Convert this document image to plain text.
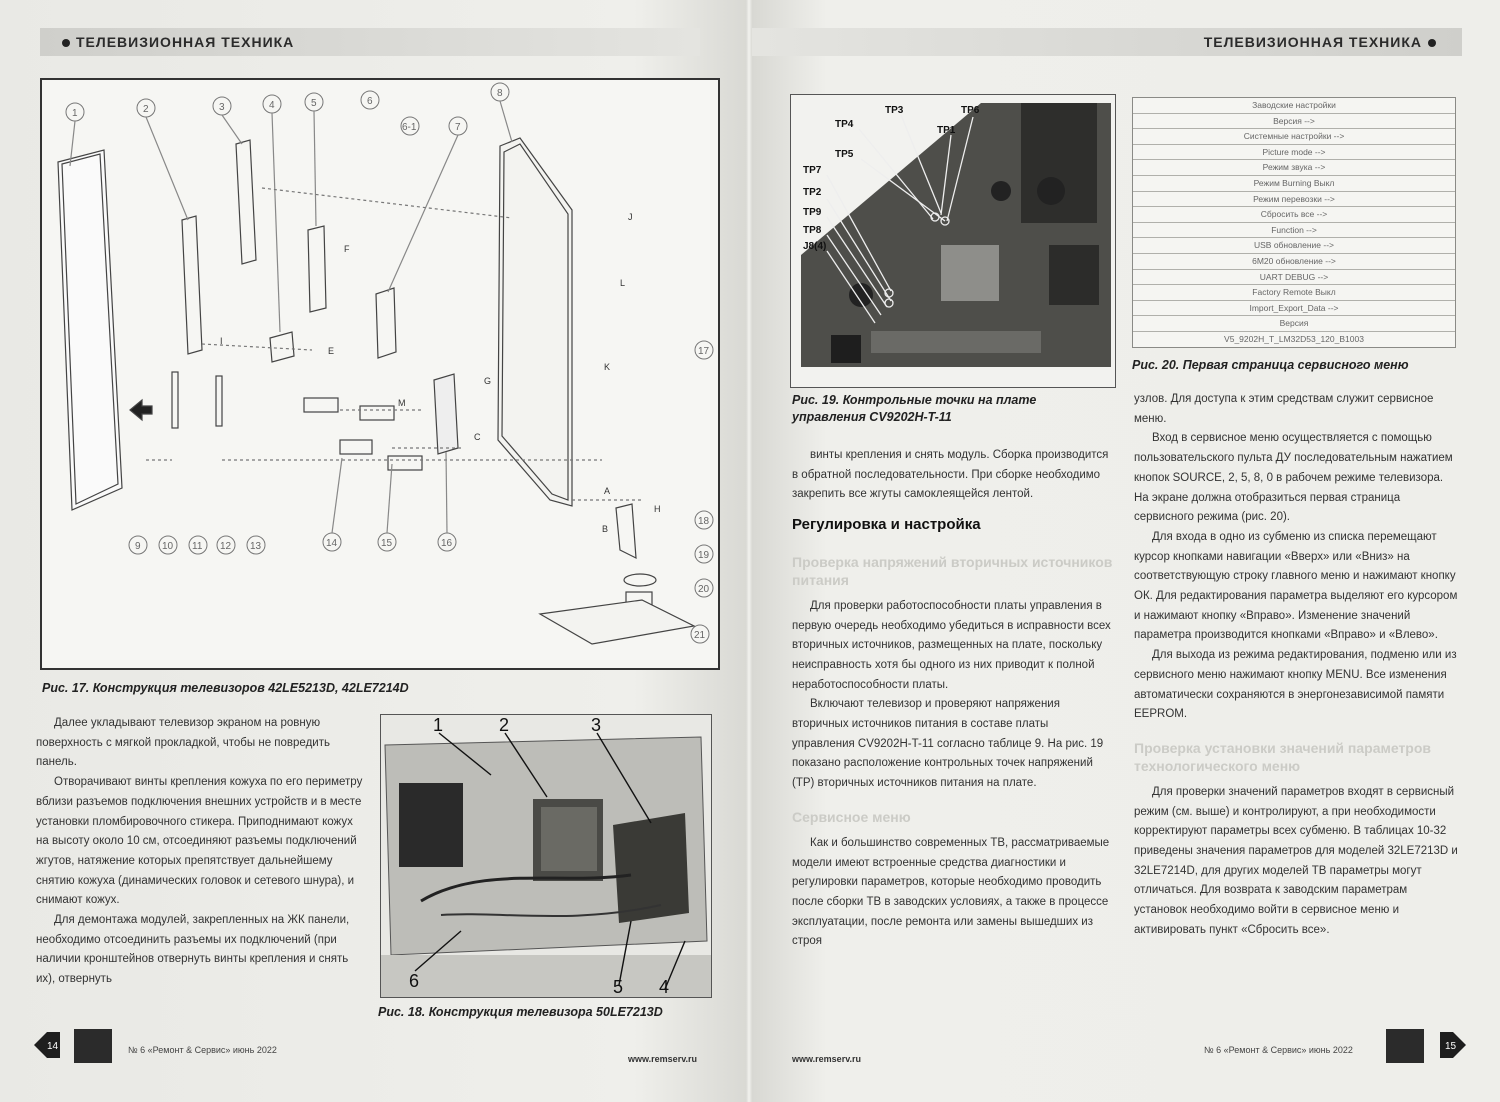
ТЕЛЕВИЗИОННАЯ ТЕХНИКА
1	2	3	4	5	6
6-1	7
8
9 10 11 12 13	14	15	16
17
18
19
20
21
J
L
K
F
E
G
M
H
A
B
C
I
Рис. 17. Конструкция телевизоров 42LE5213D, 42LE7214D

Далее укладывают телевизор экраном на ровную поверхность с мягкой прокладкой, чтобы не повредить панель.

Отворачивают винты крепления кожуха по его периметру вблизи разъемов подключения внешних устройств и в месте установки пломбировочного стикера. Приподнимают кожух на высоту около 10 см, отсоединяют разъемы подключений жгутов, натяжение которых препятствует дальнейшему снятию кожуха (динамических головок и сетевого шнура), и снимают кожух.

Для демонтажа модулей, закрепленных на ЖК панели, необходимо отсоединить разъемы их подключений (при наличии кронштейнов отвернуть винты крепления и снять их), отвернуть

1	2	3
4
5
6
Рис. 18. Конструкция телевизора 50LE7213D
14	№ 6 «Ремонт & Сервис» июнь 2022
www.remserv.ru
ТЕЛЕВИЗИОННАЯ ТЕХНИКА
TP3	TP6
TP4
TP1
TP5
TP7
TP2
TP9
TP8
J8(4)
Рис. 19. Контрольные точки на плате управления CV9202H-T-11
Заводские настройки
Версия -->
Системные настройки -->
Picture mode -->
Режим звука -->
Режим Burning Выкл
Режим перевозки -->
Сбросить все -->
Function -->
USB обновление -->
6M20 обновление -->
UART DEBUG -->
Factory Remote Выкл
Import_Export_Data -->
Версия
V5_9202H_T_LM32D53_120_B1003
Рис. 20. Первая страница сервисного меню

винты крепления и снять модуль. Сборка производится в обратной последовательности. При сборке необходимо закрепить все жгуты самоклеящейся лентой.

Регулировка и настройка
Проверка напряжений вторичных источников питания

Для проверки работоспособности платы управления в первую очередь необходимо убедиться в исправности всех вторичных источников, размещенных на плате, поскольку неисправность хотя бы одного из них приводит к полной неработоспособности платы.

Включают телевизор и проверяют напряжения вторичных источников питания в составе платы управления CV9202H-T-11 согласно таблице 9. На рис. 19 показано расположение контрольных точек напряжений (TP) вторичных источников питания на плате.

Сервисное меню

Как и большинство современных ТВ, рассматриваемые модели имеют встроенные средства диагностики и регулировки параметров, которые необходимо проводить после сборки ТВ в заводских условиях, а также в процессе эксплуатации, после ремонта или замены вышедших из строя

узлов. Для доступа к этим средствам служит сервисное меню.

Вход в сервисное меню осуществляется с помощью пользовательского пульта ДУ последовательным нажатием кнопок SOURCE, 2, 5, 8, 0 в рабочем режиме телевизора. На экране должна отобразиться первая страница сервисного режима (рис. 20).

Для входа в одно из субменю из списка перемещают курсор кнопками навигации «Вверх» или «Вниз» на соответствующую строку главного меню и нажимают кнопку ОК. Для редактирования параметра выделяют его курсором и нажимают кнопку «Вправо». Изменение значений параметра производится кнопками «Вправо» и «Влево».

Для выхода из режима редактирования, подменю или из сервисного меню нажимают кнопку MENU. Все изменения автоматически сохраняются в энергонезависимой памяти EEPROM.

Проверка установки значений параметров технологического меню

Для проверки значений параметров входят в сервисный режим (см. выше) и контролируют, а при необходимости корректируют параметры всех субменю. В таблицах 10-32 приведены значения параметров для моделей 32LE7213D и 32LE7214D, для других моделей ТВ параметры могут отличаться. Для возврата к заводским параметрам установок необходимо войти в сервисное меню и активировать пункт «Сбросить все».

www.remserv.ru
№ 6 «Ремонт & Сервис» июнь 2022	15
